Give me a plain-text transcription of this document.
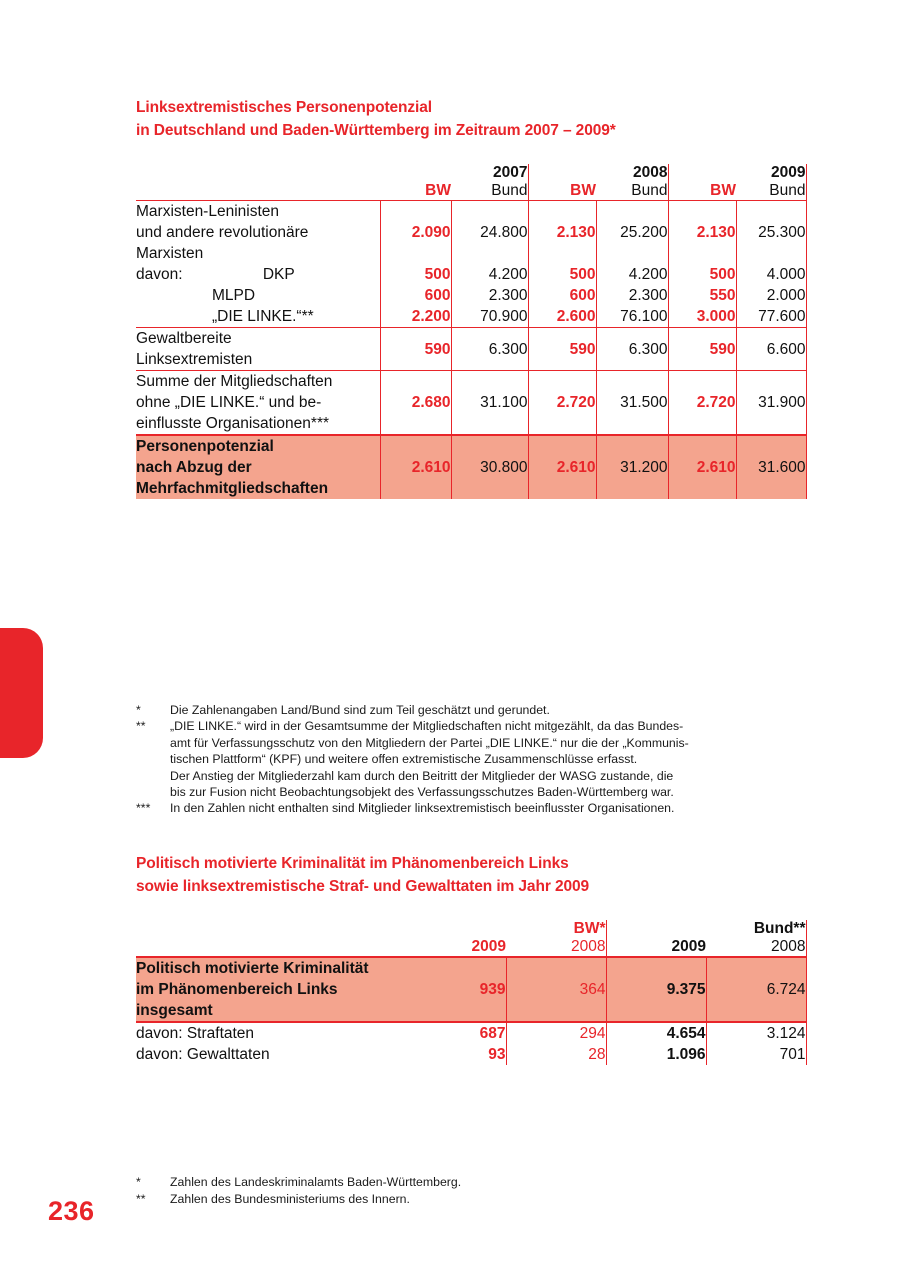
236
Linksextremistisches Personenpotenzial
in Deutschland und Baden-Württemberg im Zeitraum 2007 – 2009*
		2007		2008		2009
	BW	Bund	BW	Bund	BW	Bund

Marxisten-Leninisten
und andere revolutionäre
Marxisten	2.090	24.800	2.130	25.200	2.130	25.300
davon: DKP	500	4.200	500	4.200	500	4.000
MLPD	600	2.300	600	2.300	550	2.000
„DIE LINKE.“**	2.200	70.900	2.600	76.100	3.000	77.600

Gewaltbereite
Linksextremisten	590	6.300	590	6.300	590	6.600

Summe der Mitgliedschaften
ohne „DIE LINKE.“ und be-
einflusste Organisationen***	2.680	31.100	2.720	31.500	2.720	31.900

Personenpotenzial
nach Abzug der
Mehrfachmitgliedschaften	2.610	30.800	2.610	31.200	2.610	31.600
*	Die Zahlenangaben Land/Bund sind zum Teil geschätzt und gerundet.
**	„DIE LINKE.“ wird in der Gesamtsumme der Mitgliedschaften nicht mitgezählt, da das Bundes-
amt für Verfassungsschutz von den Mitgliedern der Partei „DIE LINKE.“ nur die der „Kommunis-
tischen Plattform“ (KPF) und weitere offen extremistische Zusammenschlüsse erfasst.
Der Anstieg der Mitgliederzahl kam durch den Beitritt der Mitglieder der WASG zustande, die
bis zur Fusion nicht Beobachtungsobjekt des Verfassungsschutzes Baden-Württemberg war.
***	In den Zahlen nicht enthalten sind Mitglieder linksextremistisch beeinflusster Organisationen.
Politisch motivierte Kriminalität im Phänomenbereich Links
sowie linksextremistische Straf- und Gewalttaten im Jahr 2009
		BW*		Bund**
	2009	2008	2009	2008

Politisch motivierte Kriminalität
im Phänomenbereich Links
insgesamt	939	364	9.375	6.724

davon: Straftaten	687	294	4.654	3.124

davon: Gewalttaten	93	28	1.096	701
*	Zahlen des Landeskriminalamts Baden-Württemberg.
**	Zahlen des Bundesministeriums des Innern.
